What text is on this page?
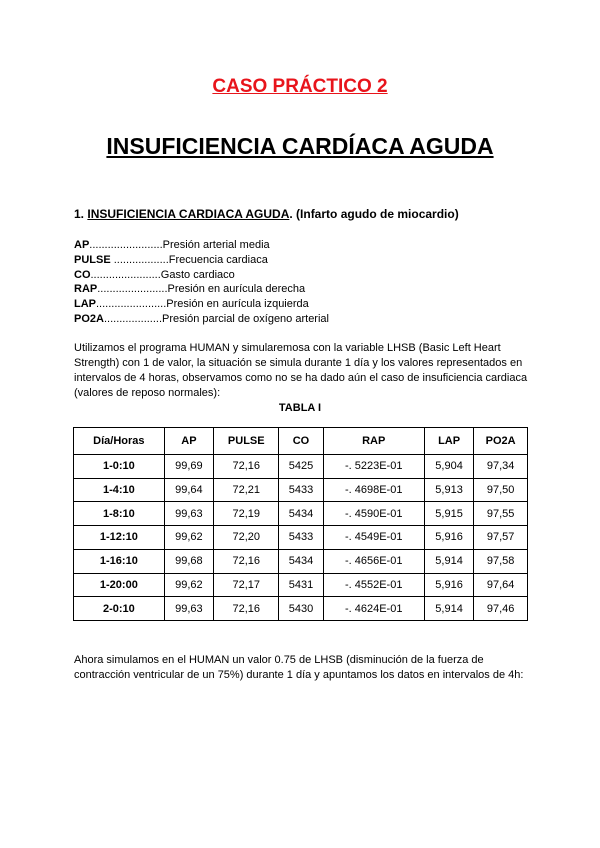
CASO PRÁCTICO 2
INSUFICIENCIA CARDÍACA AGUDA
1. INSUFICIENCIA CARDIACA AGUDA. (Infarto agudo de miocardio)
AP........................Presión arterial media
PULSE ..................Frecuencia cardiaca
CO.......................Gasto cardiaco
RAP.......................Presión en aurícula derecha
LAP.......................Presión en aurícula izquierda
PO2A...................Presión parcial de oxígeno arterial
Utilizamos el programa HUMAN y simularemosa con la variable LHSB (Basic Left Heart Strength) con 1 de valor, la situación se simula durante 1 día y los valores representados en intervalos de 4 horas, observamos como no se ha dado aún el caso de insuficiencia cardiaca (valores de reposo normales):
TABLA I
Día/Horas	AP	PULSE	CO	RAP	LAP	PO2A
1-0:10	99,69	72,16	5425	-. 5223E-01	5,904	97,34
1-4:10	99,64	72,21	5433	-. 4698E-01	5,913	97,50
1-8:10	99,63	72,19	5434	-. 4590E-01	5,915	97,55
1-12:10	99,62	72,20	5433	-. 4549E-01	5,916	97,57
1-16:10	99,68	72,16	5434	-. 4656E-01	5,914	97,58
1-20:00	99,62	72,17	5431	-. 4552E-01	5,916	97,64
2-0:10	99,63	72,16	5430	-. 4624E-01	5,914	97,46
Ahora simulamos en el HUMAN un valor 0.75 de LHSB (disminución de la fuerza de contracción ventricular de un 75%) durante 1 día y apuntamos los datos en intervalos de 4h:
